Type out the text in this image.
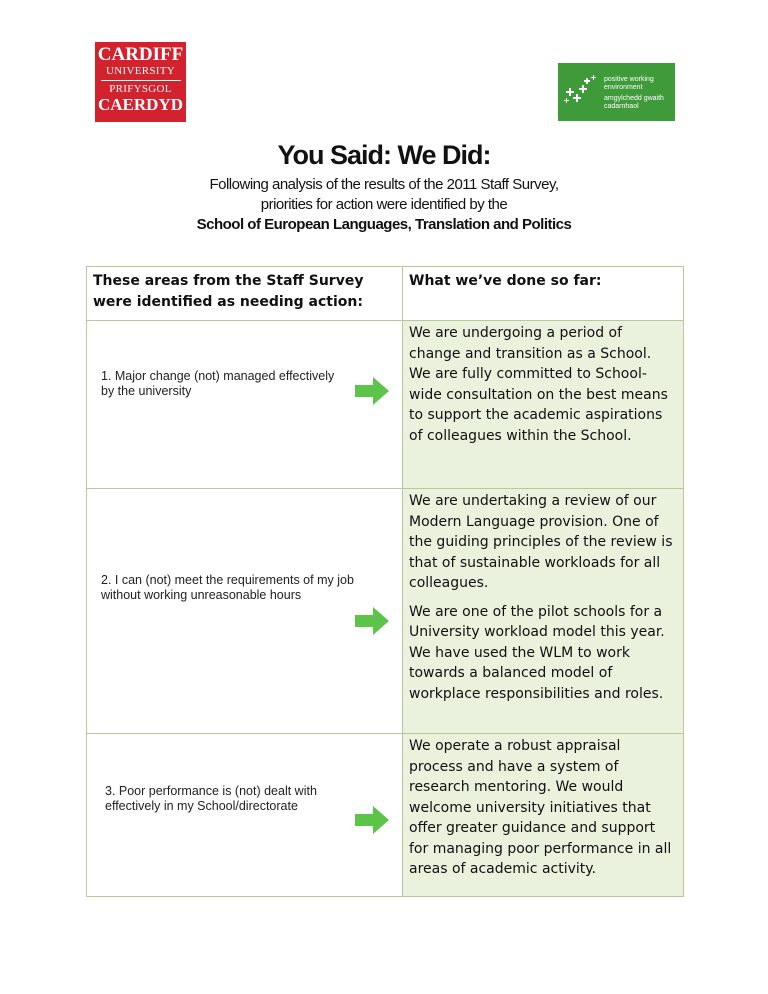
CARDIFF
UNIVERSITY
PRIFYSGOL
CAERDYD
positive working
environment
amgylchedd gwaith
cadarnhaol
You Said: We Did:
Following analysis of the results of the 2011 Staff Survey,
priorities for action were identified by the
School of European Languages, Translation and Politics
These areas from the Staff Survey were identified as needing action:	What we’ve done so far:

1. Major change (not) managed effectively by the university	We are undergoing a period of change and transition as a School. We are fully committed to School-wide consultation on the best means to support the academic aspirations of colleagues within the School.

2. I can (not) meet the requirements of my job without working unreasonable hours	We are undertaking a review of our Modern Language provision. One of the guiding principles of the review is that of sustainable workloads for all colleagues.

We are one of the pilot schools for a University workload model this year. We have used the WLM to work towards a balanced model of workplace responsibilities and roles.

3. Poor performance is (not) dealt with effectively in my School/directorate	We operate a robust appraisal process and have a system of research mentoring. We would welcome university initiatives that offer greater guidance and support for managing poor performance in all areas of academic activity.
